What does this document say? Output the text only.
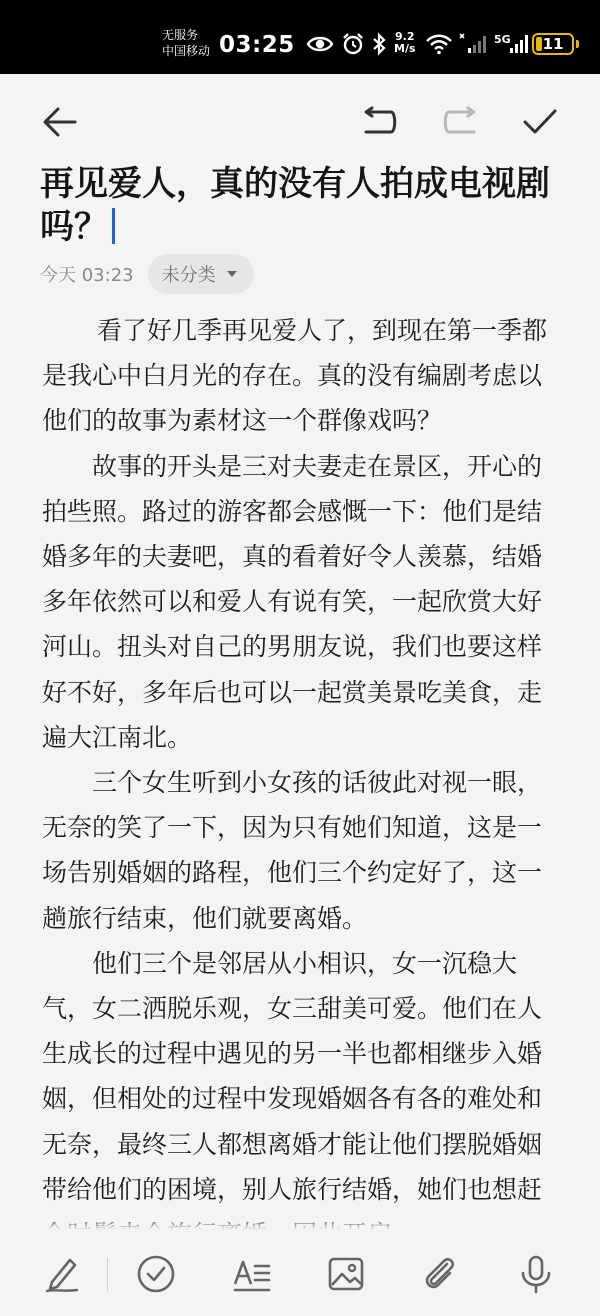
无服务
中国移动 03:25	9.2
M/s
5G	11
再见爱人，真的没有人拍成电视剧吗？
今天 03:23 未分类

看了好几季再见爱人了，到现在第一季都是我心中白月光的存在。真的没有编剧考虑以他们的故事为素材这一个群像戏吗？

故事的开头是三对夫妻走在景区，开心的拍些照。路过的游客都会感慨一下：他们是结婚多年的夫妻吧，真的看着好令人羡慕，结婚多年依然可以和爱人有说有笑，一起欣赏大好河山。扭头对自己的男朋友说，我们也要这样好不好，多年后也可以一起赏美景吃美食，走遍大江南北。

三个女生听到小女孩的话彼此对视一眼，无奈的笑了一下，因为只有她们知道，这是一场告别婚姻的路程，他们三个约定好了，这一趟旅行结束，他们就要离婚。

他们三个是邻居从小相识，女一沉稳大气，女二洒脱乐观，女三甜美可爱。他们在人生成长的过程中遇见的另一半也都相继步入婚姻，但相处的过程中发现婚姻各有各的难处和无奈，最终三人都想离婚才能让他们摆脱婚姻带给他们的困境，别人旅行结婚，她们也想赶
